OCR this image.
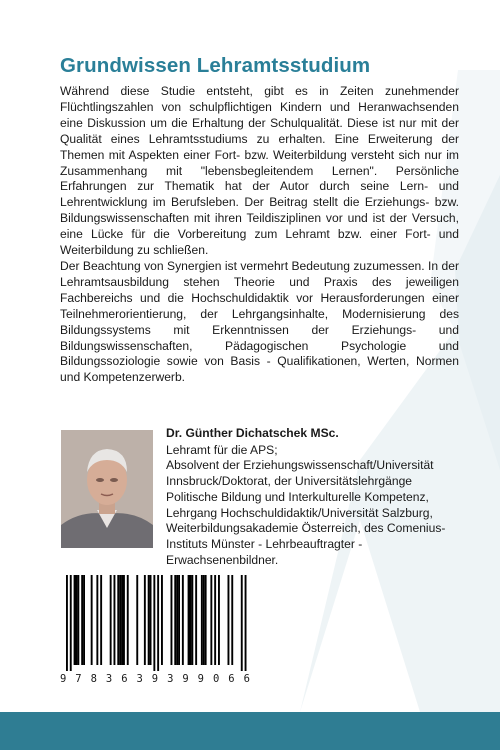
Grundwissen Lehramtsstudium

Während diese Studie entsteht, gibt es in Zeiten zunehmender Flüchtlingszahlen von schulpflichtigen Kindern und Heranwachsenden eine Diskussion um die Erhaltung der Schulqualität. Diese ist nur mit der Qualität eines Lehramtsstudiums zu erhalten. Eine Erweiterung der Themen mit Aspekten einer Fort- bzw. Weiterbildung versteht sich nur im Zusammenhang mit "lebensbegleitendem Lernen". Persönliche Erfahrungen zur Thematik hat der Autor durch seine Lern- und Lehrentwicklung im Berufsleben. Der Beitrag stellt die Erziehungs- bzw. Bildungswissenschaften mit ihren Teildisziplinen vor und ist der Versuch, eine Lücke für die Vorbereitung zum Lehramt bzw. einer Fort- und Weiterbildung zu schließen.

Der Beachtung von Synergien ist vermehrt Bedeutung zuzumessen. In der Lehramtsausbildung stehen Theorie und Praxis des jeweiligen Fachbereichs und die Hochschuldidaktik vor Herausforderungen einer Teilnehmerorientierung, der Lehrgangsinhalte, Modernisierung des Bildungssystems mit Erkenntnissen der Erziehungs- und Bildungswissenschaften, Pädagogischen Psychologie und Bildungssoziologie sowie von Basis - Qualifikationen, Werten, Normen und Kompetenzerwerb.

Dr. Günther Dichatschek MSc.

Lehramt für die APS;
Absolvent der Erziehungswissenschaft/Universität Innsbruck/Doktorat, der Universitätslehrgänge Politische Bildung und Interkulturelle Kompetenz, Lehrgang Hochschuldidaktik/Universität Salzburg, Weiterbildungsakademie Österreich, des Comenius-Instituts Münster - Lehrbeauftragter - Erwachsenenbildner.

9 7 8 3 6 3 9 3 9 9 0 6 6
